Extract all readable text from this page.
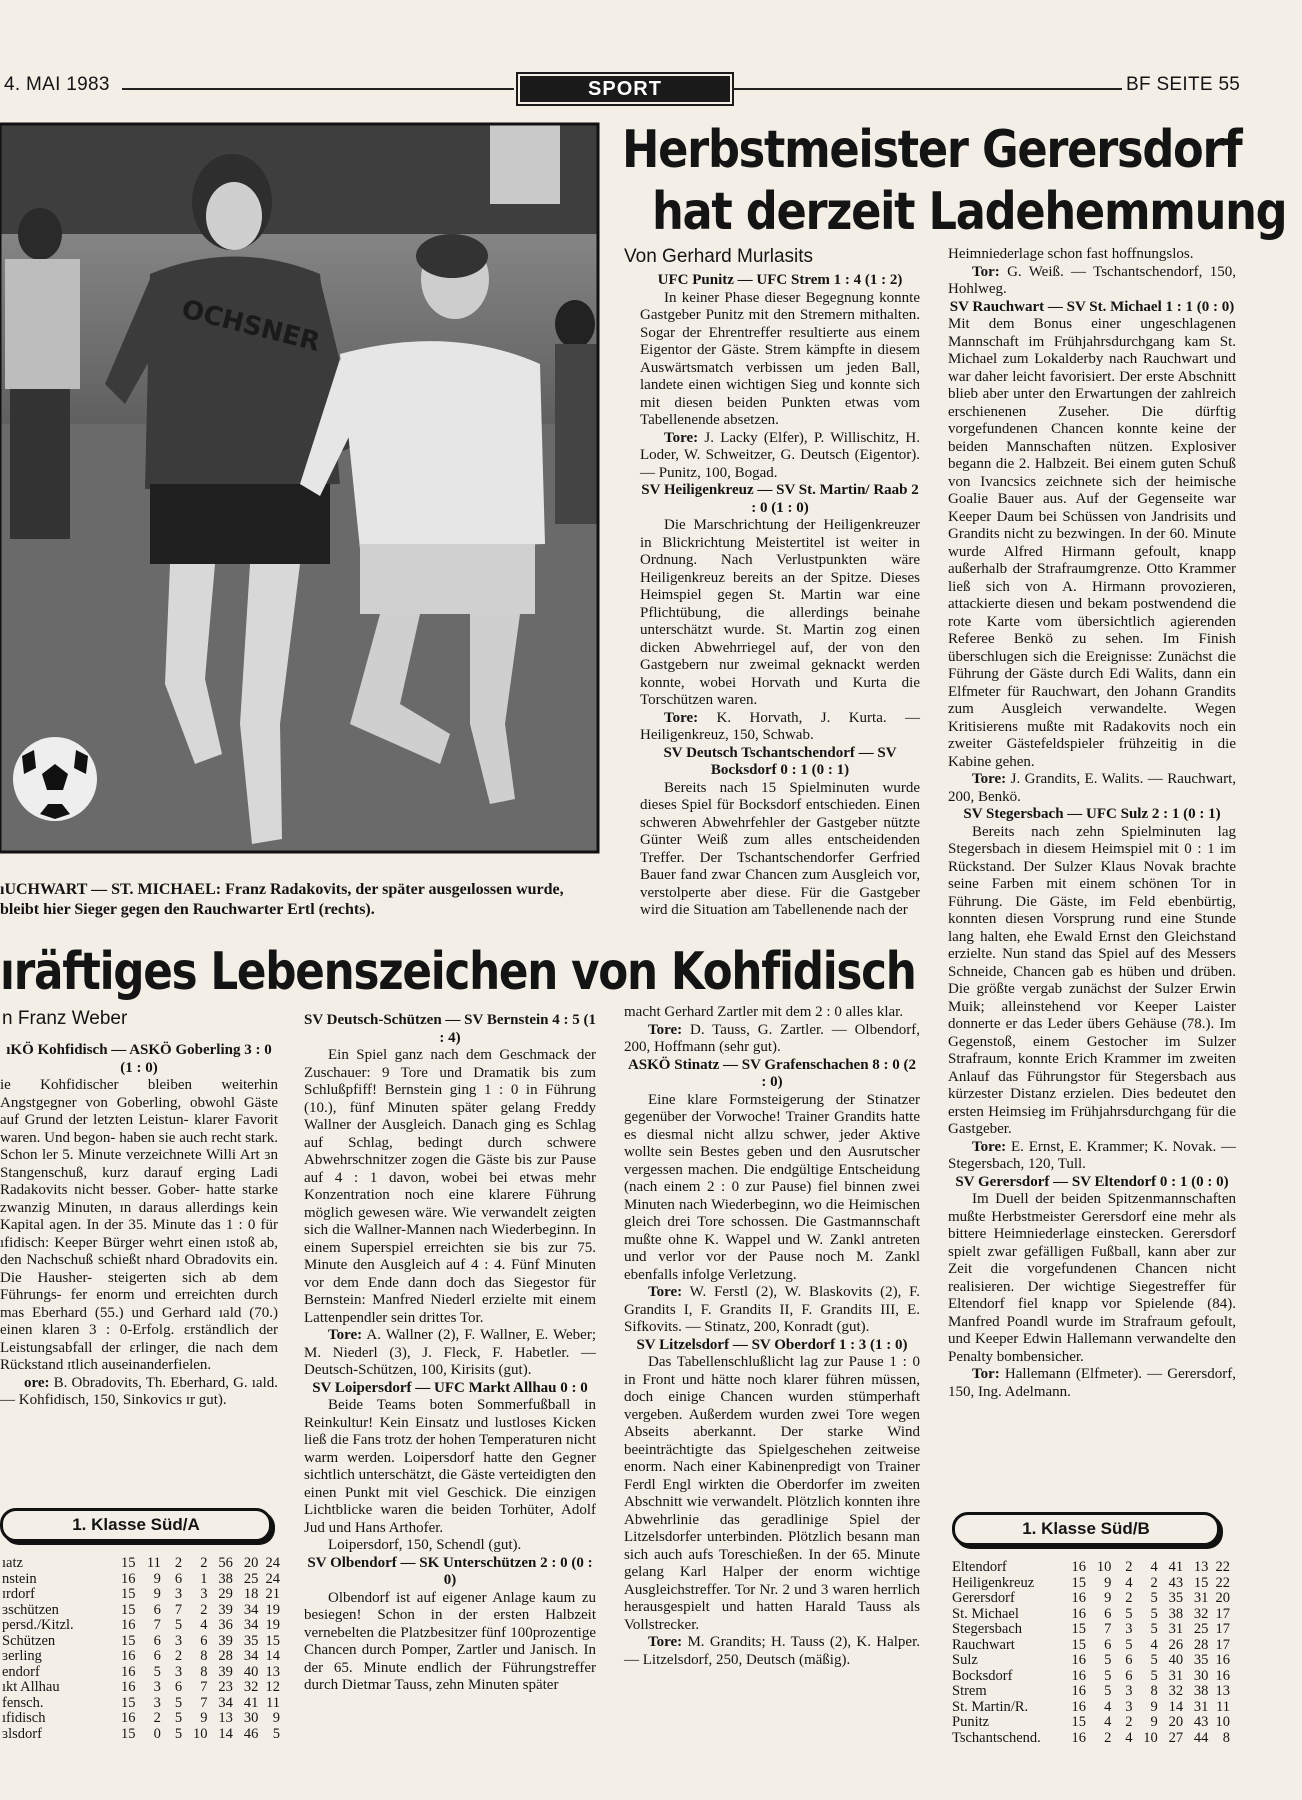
4. MAI 1983	SPORT	BF SEITE 55
OCHSNER
ıUCHWART — ST. MICHAEL: Franz Radakovits, der später ausgeılossen wurde, bleibt hier Sieger gegen den Rauchwarter Ertl (rechts).
Herbstmeister Gerersdorf
hat derzeit Ladehemmung
Von Gerhard Murlasits

UFC Punitz — UFC Strem 1 : 4 (1 : 2)

In keiner Phase dieser Begegnung konnte Gastgeber Punitz mit den Stremern mithalten. Sogar der Ehrentreffer resultierte aus einem Eigentor der Gäste. Strem kämpfte in diesem Auswärtsmatch verbissen um jeden Ball, landete einen wichtigen Sieg und konnte sich mit diesen beiden Punkten etwas vom Tabellenende absetzen.

Tore: J. Lacky (Elfer), P. Willischitz, H. Loder, W. Schweitzer, G. Deutsch (Eigentor). — Punitz, 100, Bogad.

SV Heiligenkreuz — SV St. Martin/ Raab 2 : 0 (1 : 0)

Die Marschrichtung der Heiligenkreuzer in Blickrichtung Meistertitel ist weiter in Ordnung. Nach Verlustpunkten wäre Heiligenkreuz bereits an der Spitze. Dieses Heimspiel gegen St. Martin war eine Pflichtübung, die allerdings beinahe unterschätzt wurde. St. Martin zog einen dicken Abwehrriegel auf, der von den Gastgebern nur zweimal geknackt werden konnte, wobei Horvath und Kurta die Torschützen waren.

Tore: K. Horvath, J. Kurta. — Heiligenkreuz, 150, Schwab.

SV Deutsch Tschantschendorf — SV Bocksdorf 0 : 1 (0 : 1)

Bereits nach 15 Spielminuten wurde dieses Spiel für Bocksdorf entschieden. Einen schweren Abwehrfehler der Gastgeber nützte Günter Weiß zum alles entscheidenden Treffer. Der Tschantschendorfer Gerfried Bauer fand zwar Chancen zum Ausgleich vor, verstolperte aber diese. Für die Gastgeber wird die Situation am Tabellenende nach der

Heimniederlage schon fast hoffnungslos.

Tor: G. Weiß. — Tschantschendorf, 150, Hohlweg.

SV Rauchwart — SV St. Michael 1 : 1 (0 : 0)

Mit dem Bonus einer ungeschlagenen Mannschaft im Frühjahrsdurchgang kam St. Michael zum Lokalderby nach Rauchwart und war daher leicht favorisiert. Der erste Abschnitt blieb aber unter den Erwartungen der zahlreich erschienenen Zuseher. Die dürftig vorgefundenen Chancen konnte keine der beiden Mannschaften nützen. Explosiver begann die 2. Halbzeit. Bei einem guten Schuß von Ivancsics zeichnete sich der heimische Goalie Bauer aus. Auf der Gegenseite war Keeper Daum bei Schüssen von Jandrisits und Grandits nicht zu bezwingen. In der 60. Minute wurde Alfred Hirmann gefoult, knapp außerhalb der Strafraumgrenze. Otto Krammer ließ sich von A. Hirmann provozieren, attackierte diesen und bekam postwendend die rote Karte vom übersichtlich agierenden Referee Benkö zu sehen. Im Finish überschlugen sich die Ereignisse: Zunächst die Führung der Gäste durch Edi Walits, dann ein Elfmeter für Rauchwart, den Johann Grandits zum Ausgleich verwandelte. Wegen Kritisierens mußte mit Radakovits noch ein zweiter Gästefeldspieler frühzeitig in die Kabine gehen.

Tore: J. Grandits, E. Walits. — Rauchwart, 200, Benkö.

SV Stegersbach — UFC Sulz 2 : 1 (0 : 1)

Bereits nach zehn Spielminuten lag Stegersbach in diesem Heimspiel mit 0 : 1 im Rückstand. Der Sulzer Klaus Novak brachte seine Farben mit einem schönen Tor in Führung. Die Gäste, im Feld ebenbürtig, konnten diesen Vorsprung rund eine Stunde lang halten, ehe Ewald Ernst den Gleichstand erzielte. Nun stand das Spiel auf des Messers Schneide, Chancen gab es hüben und drüben. Die größte vergab zunächst der Sulzer Erwin Muik; alleinstehend vor Keeper Laister donnerte er das Leder übers Gehäuse (78.). Im Gegenstoß, einem Gestocher im Sulzer Strafraum, konnte Erich Krammer im zweiten Anlauf das Führungstor für Stegersbach aus kürzester Distanz erzielen. Dies bedeutet den ersten Heimsieg im Frühjahrsdurchgang für die Gastgeber.

Tore: E. Ernst, E. Krammer; K. Novak. — Stegersbach, 120, Tull.

SV Gerersdorf — SV Eltendorf 0 : 1 (0 : 0)

Im Duell der beiden Spitzenmannschaften mußte Herbstmeister Gerersdorf eine mehr als bittere Heimniederlage einstecken. Gerersdorf spielt zwar gefälligen Fußball, kann aber zur Zeit die vorgefundenen Chancen nicht realisieren. Der wichtige Siegestreffer für Eltendorf fiel knapp vor Spielende (84). Manfred Poandl wurde im Strafraum gefoult, und Keeper Edwin Hallemann verwandelte den Penalty bombensicher.

Tor: Hallemann (Elfmeter). — Gerersdorf, 150, Ing. Adelmann.

ıräftiges Lebenszeichen von Kohfidisch
n Franz Weber

ıKÖ Kohfidisch — ASKÖ Goberling 3 : 0 (1 : 0)

ie Kohfidischer bleiben weiterhin Angstgegner von Goberling, obwohl Gäste auf Grund der letzten Leistun- klarer Favorit waren. Und begon- haben sie auch recht stark. Schon ler 5. Minute verzeichnete Willi Art ɜn Stangenschuß, kurz darauf erging Ladi Radakovits nicht besser. Gober- hatte starke zwanzig Minuten, ɪn daraus allerdings kein Kapital agen. In der 35. Minute das 1 : 0 für ıfidisch: Keeper Bürger wehrt einen ıstoß ab, den Nachschuß schießt nhard Obradovits ein. Die Hausher- steigerten sich ab dem Führungs- fer enorm und erreichten durch mas Eberhard (55.) und Gerhard ıald (70.) einen klaren 3 : 0-Erfolg. ɛrständlich der Leistungsabfall der ɛrlinger, die nach dem Rückstand ɪtlich auseinanderfielen.

ore: B. Obradovits, Th. Eberhard, G. ıald. — Kohfidisch, 150, Sinkovics ɪr gut).

SV Deutsch-Schützen — SV Bernstein 4 : 5 (1 : 4)

Ein Spiel ganz nach dem Geschmack der Zuschauer: 9 Tore und Dramatik bis zum Schlußpfiff! Bernstein ging 1 : 0 in Führung (10.), fünf Minuten später gelang Freddy Wallner der Ausgleich. Danach ging es Schlag auf Schlag, bedingt durch schwere Abwehrschnitzer zogen die Gäste bis zur Pause auf 4 : 1 davon, wobei bei etwas mehr Konzentration noch eine klarere Führung möglich gewesen wäre. Wie verwandelt zeigten sich die Wallner-Mannen nach Wiederbeginn. In einem Superspiel erreichten sie bis zur 75. Minute den Ausgleich auf 4 : 4. Fünf Minuten vor dem Ende dann doch das Siegestor für Bernstein: Manfred Niederl erzielte mit einem Lattenpendler sein drittes Tor.

Tore: A. Wallner (2), F. Wallner, E. Weber; M. Niederl (3), J. Fleck, F. Habetler. — Deutsch-Schützen, 100, Kirisits (gut).

SV Loipersdorf — UFC Markt Allhau 0 : 0

Beide Teams boten Sommerfußball in Reinkultur! Kein Einsatz und lustloses Kicken ließ die Fans trotz der hohen Temperaturen nicht warm werden. Loipersdorf hatte den Gegner sichtlich unterschätzt, die Gäste verteidigten den einen Punkt mit viel Geschick. Die einzigen Lichtblicke waren die beiden Torhüter, Adolf Jud und Hans Arthofer.

Loipersdorf, 150, Schendl (gut).

SV Olbendorf — SK Unterschützen 2 : 0 (0 : 0)

Olbendorf ist auf eigener Anlage kaum zu besiegen! Schon in der ersten Halbzeit vernebelten die Platzbesitzer fünf 100prozentige Chancen durch Pomper, Zartler und Janisch. In der 65. Minute endlich der Führungstreffer durch Dietmar Tauss, zehn Minuten später

macht Gerhard Zartler mit dem 2 : 0 alles klar.

Tore: D. Tauss, G. Zartler. — Olbendorf, 200, Hoffmann (sehr gut).

ASKÖ Stinatz — SV Grafenschachen 8 : 0 (2 : 0)

Eine klare Formsteigerung der Stinatzer gegenüber der Vorwoche! Trainer Grandits hatte es diesmal nicht allzu schwer, jeder Aktive wollte sein Bestes geben und den Ausrutscher vergessen machen. Die endgültige Entscheidung (nach einem 2 : 0 zur Pause) fiel binnen zwei Minuten nach Wiederbeginn, wo die Heimischen gleich drei Tore schossen. Die Gastmannschaft mußte ohne K. Wappel und W. Zankl antreten und verlor vor der Pause noch M. Zankl ebenfalls infolge Verletzung.

Tore: W. Ferstl (2), W. Blaskovits (2), F. Grandits I, F. Grandits II, F. Grandits III, E. Sifkovits. — Stinatz, 200, Konradt (gut).

SV Litzelsdorf — SV Oberdorf 1 : 3 (1 : 0)

Das Tabellenschlußlicht lag zur Pause 1 : 0 in Front und hätte noch klarer führen müssen, doch einige Chancen wurden stümperhaft vergeben. Außerdem wurden zwei Tore wegen Abseits aberkannt. Der starke Wind beeinträchtigte das Spielgeschehen zeitweise enorm. Nach einer Kabinenpredigt von Trainer Ferdl Engl wirkten die Oberdorfer im zweiten Abschnitt wie verwandelt. Plötzlich konnten ihre Abwehrlinie das geradlinige Spiel der Litzelsdorfer unterbinden. Plötzlich besann man sich auch aufs Toreschießen. In der 65. Minute gelang Karl Halper der enorm wichtige Ausgleichstreffer. Tor Nr. 2 und 3 waren herrlich herausgespielt und hatten Harald Tauss als Vollstrecker.

Tore: M. Grandits; H. Tauss (2), K. Halper. — Litzelsdorf, 250, Deutsch (mäßig).

1. Klasse Süd/A
ıatz	15	11	2	2	56	20	24
nstein	16	9	6	1	38	25	24
ɪrdorf	15	9	3	3	29	18	21
ɜschützen	15	6	7	2	39	34	19
persd./Kitzl.	16	7	5	4	36	34	19
Schützen	15	6	3	6	39	35	15
ɜerling	16	6	2	8	28	34	14
endorf	16	5	3	8	39	40	13
ıkt Allhau	16	3	6	7	23	32	12
fensch.	15	3	5	7	34	41	11
ıfidisch	16	2	5	9	13	30	9
ɜlsdorf	15	0	5	10	14	46	5
1. Klasse Süd/B
Eltendorf	16	10	2	4	41	13	22
Heiligenkreuz	15	9	4	2	43	15	22
Gerersdorf	16	9	2	5	35	31	20
St. Michael	16	6	5	5	38	32	17
Stegersbach	15	7	3	5	31	25	17
Rauchwart	15	6	5	4	26	28	17
Sulz	16	5	6	5	40	35	16
Bocksdorf	16	5	6	5	31	30	16
Strem	16	5	3	8	32	38	13
St. Martin/R.	16	4	3	9	14	31	11
Punitz	15	4	2	9	20	43	10
Tschantschend.	16	2	4	10	27	44	8
